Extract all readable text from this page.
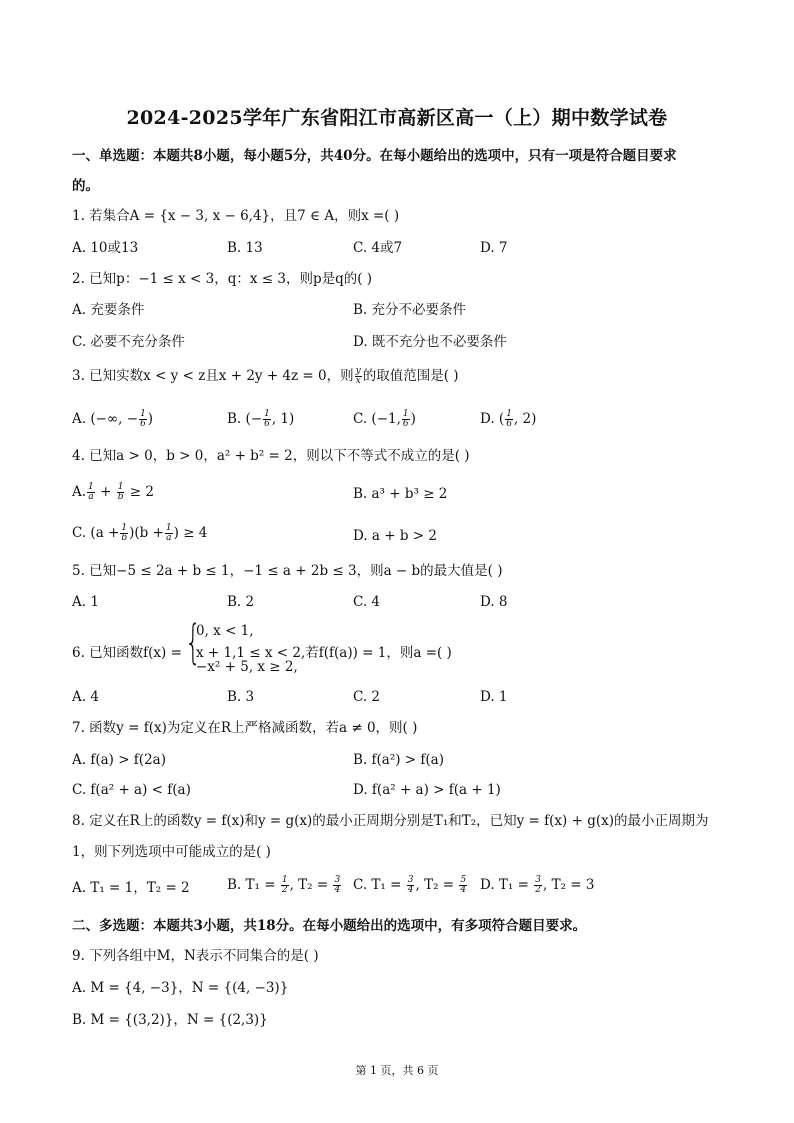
2024-2025学年广东省阳江市高新区高一（上）期中数学试卷
一、单选题：本题共8小题，每小题5分，共40分。在每小题给出的选项中，只有一项是符合题目要求
的。
1. 若集合A = {x − 3, x − 6,4}，且7 ∈ A，则x =( )
A. 10或13	B. 13	C. 4或7	D. 7
2. 已知p：−1 ≤ x < 3，q：x ≤ 3，则p是q的( )
A. 充要条件	B. 充分不必要条件
C. 必要不充分条件	D. 既不充分也不必要条件
3. 已知实数x < y < z且x + 2y + 4z = 0，则 $\frac{y}{x}$ 的取值范围是( )
A. (−∞, − $\frac{1}{6}$ )	B. (− $\frac{1}{6}$ , 1)	C. (−1, $\frac{1}{6}$ )	D. ( $\frac{1}{6}$ , 2)
4. 已知a > 0，b > 0，a² + b² = 2，则以下不等式不成立的是( )
A. $\frac{1}{a} + \frac{1}{b} \ge 2$	B. a³ + b³ ≥ 2
C. $(a + \frac{1}{b} )(b + \frac{1}{a}$ ) ≥ 4	D. a + b > 2
5. 已知−5 ≤ 2a + b ≤ 1，−1 ≤ a + 2b ≤ 3，则a − b的最大值是( )
A. 1	B. 2	C. 4	D. 8
6. 已知函数f(x) = {
0, x < 1,
x + 1,1 ≤ x < 2,若f(f(a)) = 1，则a =( )
−x² + 5, x ≥ 2,
A. 4	B. 3	C. 2	D. 1
7. 函数y = f(x)为定义在R上严格减函数，若a ≠ 0，则( )
A. f(a) > f(2a)	B. f(a²) > f(a)
C. f(a² + a) < f(a)	D. f(a² + a) > f(a + 1)
8. 定义在R上的函数y = f(x)和y = g(x)的最小正周期分别是T₁和T₂，已知y = f(x) + g(x)的最小正周期为
1，则下列选项中可能成立的是( )
A. T₁ = 1，T₂ = 2	B. $T_1 = \frac{1}{2}$ , $T_2 = \frac{3}{4} C$. $T_1 = \frac{3}{4}$ , $T_2 = \frac{5}{4} D$. $T_1 = \frac{3}{2}$ , T₂ = 3
二、多选题：本题共3小题，共18分。在每小题给出的选项中，有多项符合题目要求。
9. 下列各组中M，N表示不同集合的是( )
A. M = {4, −3}，N = {(4, −3)}
B. M = {(3,2)}，N = {(2,3)}
第 1 页，共 6 页
